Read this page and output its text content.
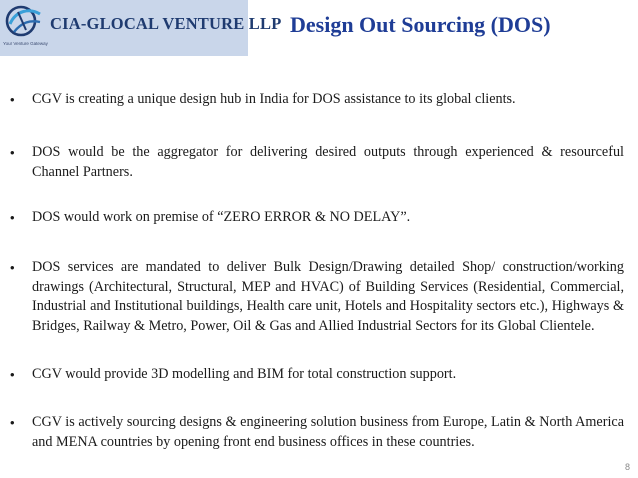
CIA-GLOCAL VENTURE LLP
Your Venture Gateway
Design Out Sourcing (DOS)
• CGV is creating a unique design hub in India for DOS assistance to its global clients.
• DOS would be the aggregator for delivering desired outputs through experienced & resourceful Channel Partners.
• DOS would work on premise of “ZERO ERROR & NO DELAY”.
• DOS services are mandated to deliver Bulk Design/Drawing detailed Shop/ construction/working drawings (Architectural, Structural, MEP and HVAC) of Building Services (Residential, Commercial, Industrial and Institutional buildings, Health care unit, Hotels and Hospitality sectors etc.), Highways & Bridges, Railway & Metro, Power, Oil & Gas and Allied Industrial Sectors for its Global Clientele.
• CGV would provide 3D modelling and BIM for total construction support.
• CGV is actively sourcing designs & engineering solution business from Europe, Latin & North America and MENA countries by opening front end business offices in these countries.
8
